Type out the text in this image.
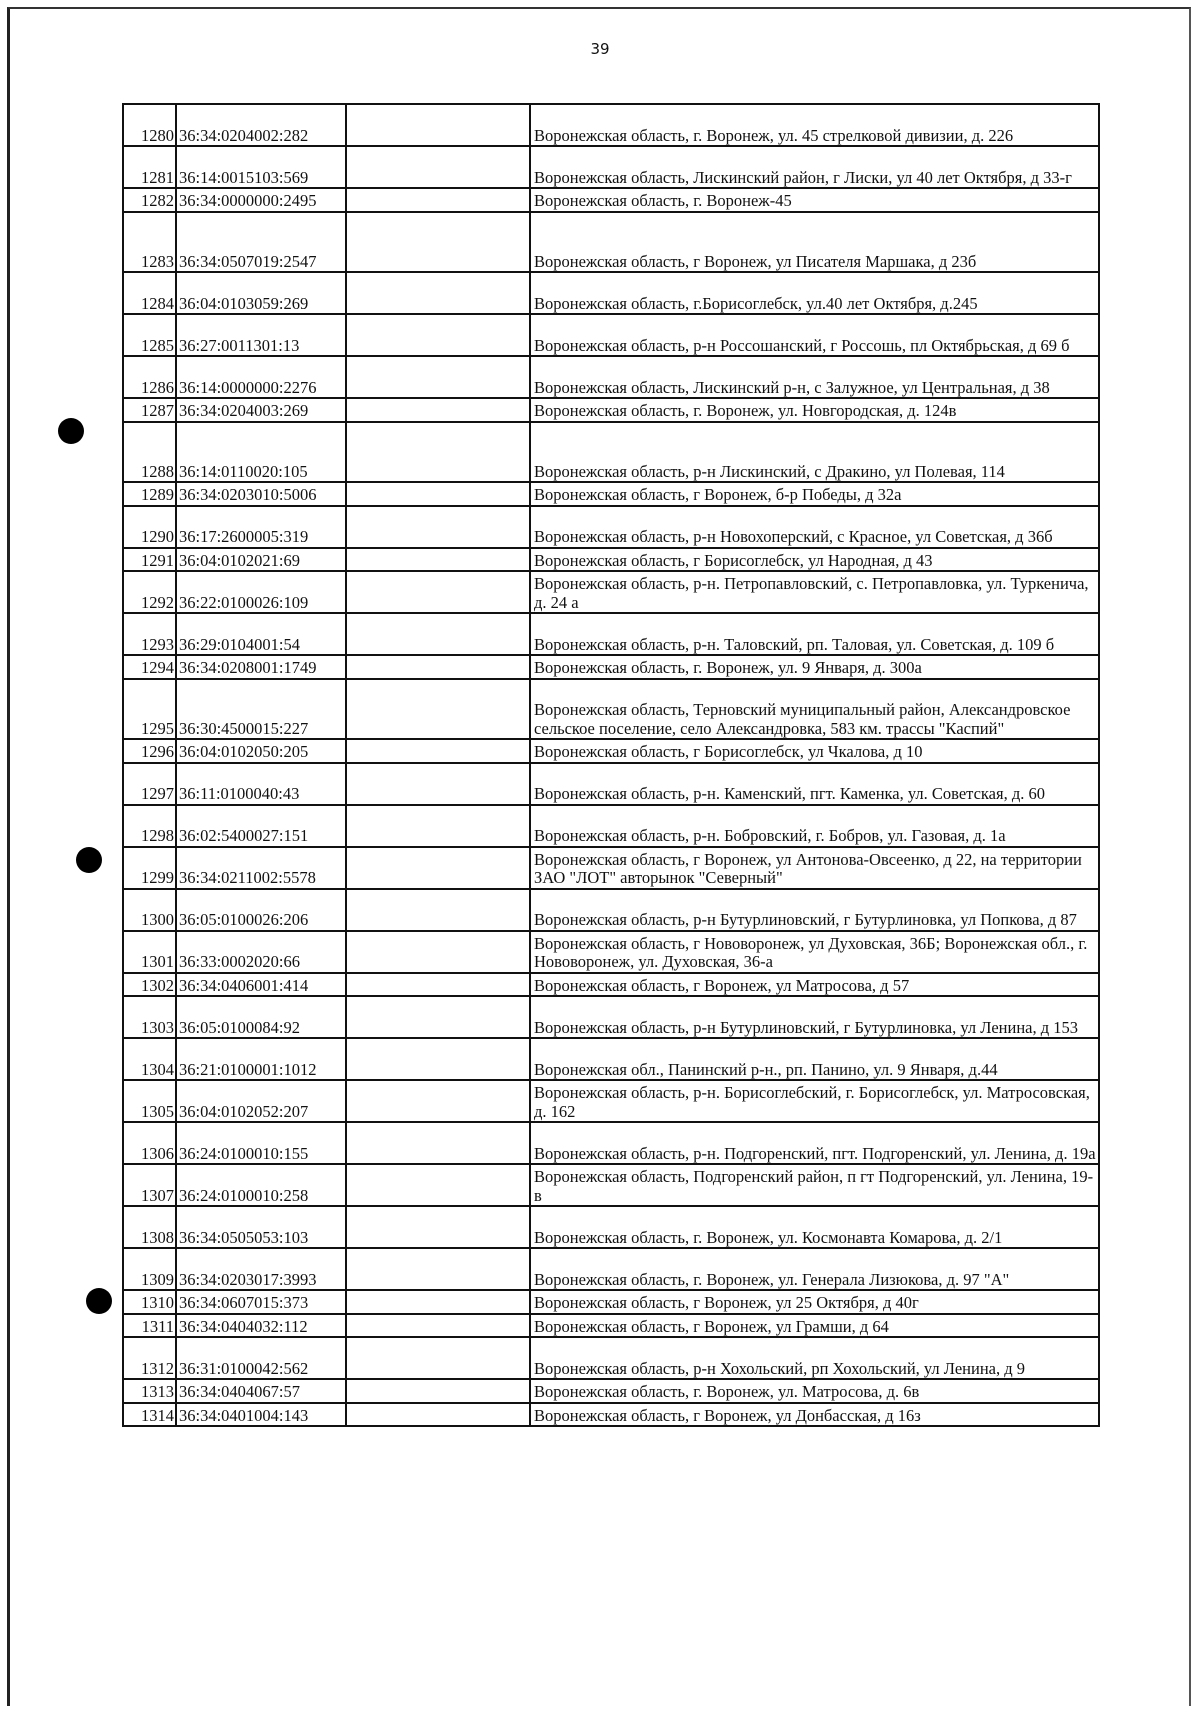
39
1280	36:34:0204002:282		Воронежская область, г. Воронеж, ул. 45 стрелковой дивизии, д. 226
1281	36:14:0015103:569		Воронежская область, Лискинский район, г Лиски, ул 40 лет Октября, д 33-г
1282	36:34:0000000:2495		Воронежская область, г. Воронеж-45
1283	36:34:0507019:2547		Воронежская область, г Воронеж, ул Писателя Маршака, д 23б
1284	36:04:0103059:269		Воронежская область, г.Борисоглебск, ул.40 лет Октября, д.245
1285	36:27:0011301:13		Воронежская область, р-н Россошанский, г Россошь, пл Октябрьская, д 69 б
1286	36:14:0000000:2276		Воронежская область, Лискинский р-н, с Залужное, ул Центральная, д 38
1287	36:34:0204003:269		Воронежская область, г. Воронеж, ул. Новгородская, д. 124в
1288	36:14:0110020:105		Воронежская область, р-н Лискинский, с Дракино, ул Полевая, 114
1289	36:34:0203010:5006		Воронежская область, г Воронеж, б-р Победы, д 32а
1290	36:17:2600005:319		Воронежская область, р-н Новохоперский, с Красное, ул Советская, д 36б
1291	36:04:0102021:69		Воронежская область, г Борисоглебск, ул Народная, д 43
1292	36:22:0100026:109		Воронежская область, р-н. Петропавловский, с. Петропавловка, ул. Туркенича, д. 24 а
1293	36:29:0104001:54		Воронежская область, р-н. Таловский, рп. Таловая, ул. Советская, д. 109 б
1294	36:34:0208001:1749		Воронежская область, г. Воронеж, ул. 9 Января, д. 300а
1295	36:30:4500015:227		Воронежская область, Терновский муниципальный район, Александровское сельское поселение, село Александровка, 583 км. трассы "Каспий"
1296	36:04:0102050:205		Воронежская область, г Борисоглебск, ул Чкалова, д 10
1297	36:11:0100040:43		Воронежская область, р-н. Каменский, пгт. Каменка, ул. Советская, д. 60
1298	36:02:5400027:151		Воронежская область, р-н. Бобровский, г. Бобров, ул. Газовая, д. 1а
1299	36:34:0211002:5578		Воронежская область, г Воронеж, ул Антонова-Овсеенко, д 22, на территории ЗАО "ЛОТ" авторынок "Северный"
1300	36:05:0100026:206		Воронежская область, р-н Бутурлиновский, г Бутурлиновка, ул Попкова, д 87
1301	36:33:0002020:66		Воронежская область, г Нововоронеж, ул Духовская, 36Б; Воронежская обл., г. Нововоронеж, ул. Духовская, 36-а
1302	36:34:0406001:414		Воронежская область, г Воронеж, ул Матросова, д 57
1303	36:05:0100084:92		Воронежская область, р-н Бутурлиновский, г Бутурлиновка, ул Ленина, д 153
1304	36:21:0100001:1012		Воронежская обл., Панинский р-н., рп. Панино, ул. 9 Января, д.44
1305	36:04:0102052:207		Воронежская область, р-н. Борисоглебский, г. Борисоглебск, ул. Матросовская, д. 162
1306	36:24:0100010:155		Воронежская область, р-н. Подгоренский, пгт. Подгоренский, ул. Ленина, д. 19а
1307	36:24:0100010:258		Воронежская область, Подгоренский район, п гт Подгоренский, ул. Ленина, 19-в
1308	36:34:0505053:103		Воронежская область, г. Воронеж, ул. Космонавта Комарова, д. 2/1
1309	36:34:0203017:3993		Воронежская область, г. Воронеж, ул. Генерала Лизюкова, д. 97 "А"
1310	36:34:0607015:373		Воронежская область, г Воронеж, ул 25 Октября, д 40г
1311	36:34:0404032:112		Воронежская область, г Воронеж, ул Грамши, д 64
1312	36:31:0100042:562		Воронежская область, р-н Хохольский, рп Хохольский, ул Ленина, д 9
1313	36:34:0404067:57		Воронежская область, г. Воронеж, ул. Матросова, д. 6в
1314	36:34:0401004:143		Воронежская область, г Воронеж, ул Донбасская, д 16з
